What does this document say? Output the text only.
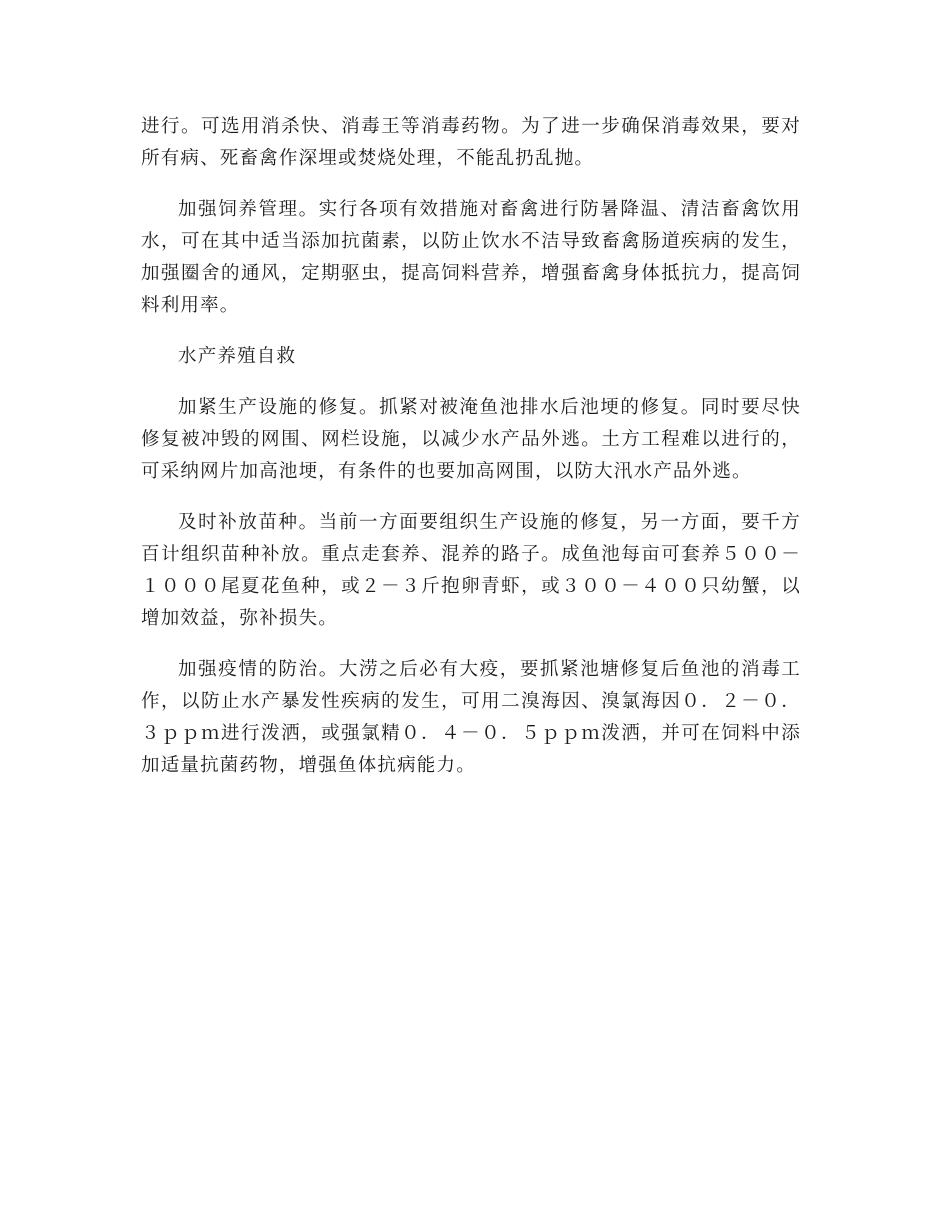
进行。可选用消杀快、消毒王等消毒药物。为了进一步确保消毒效果，要对所有病、死畜禽作深埋或焚烧处理，不能乱扔乱抛。

加强饲养管理。实行各项有效措施对畜禽进行防暑降温、清洁畜禽饮用水，可在其中适当添加抗菌素，以防止饮水不洁导致畜禽肠道疾病的发生，加强圈舍的通风，定期驱虫，提高饲料营养，增强畜禽身体抵抗力，提高饲料利用率。

水产养殖自救

加紧生产设施的修复。抓紧对被淹鱼池排水后池埂的修复。同时要尽快修复被冲毁的网围、网栏设施，以减少水产品外逃。土方工程难以进行的，可采纳网片加高池埂，有条件的也要加高网围，以防大汛水产品外逃。

及时补放苗种。当前一方面要组织生产设施的修复，另一方面，要千方百计组织苗种补放。重点走套养、混养的路子。成鱼池每亩可套养５００－１０００尾夏花鱼种，或２－３斤抱卵青虾，或３００－４００只幼蟹，以增加效益，弥补损失。

加强疫情的防治。大涝之后必有大疫，要抓紧池塘修复后鱼池的消毒工作，以防止水产暴发性疾病的发生，可用二溴海因、溴氯海因０．２－０．３ｐｐｍ进行泼洒，或强氯精０．４－０．５ｐｐｍ泼洒，并可在饲料中添加适量抗菌药物，增强鱼体抗病能力。
